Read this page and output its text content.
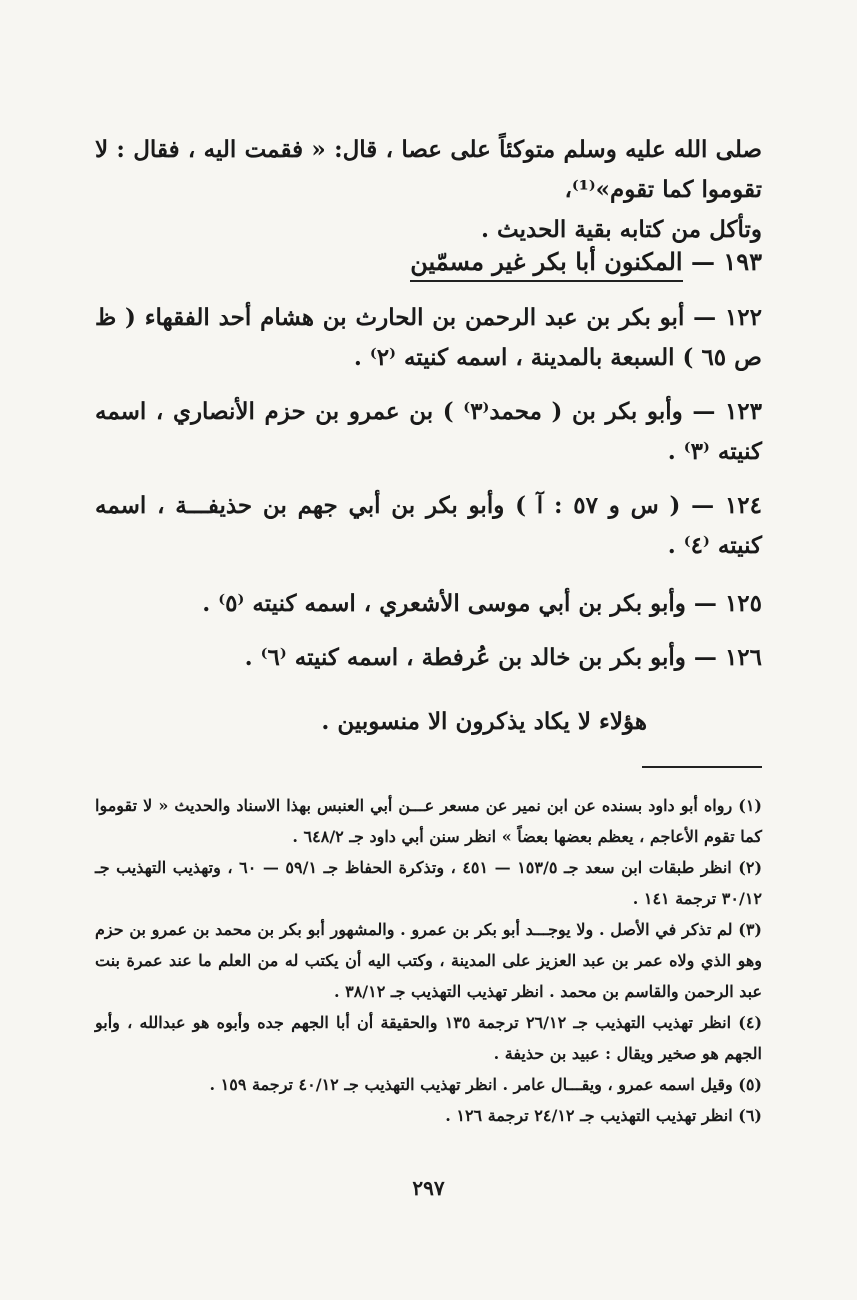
صلى الله عليه وسلم متوكئاً على عصا ، قال: « فقمت اليه ، فقال : لا تقوموا كما تقوم»⁽¹⁾،

وتأكل من كتابه بقية الحديث .

١٩٣ — المكنون أبا بكر غير مسمّين

١٢٢ — أبو بكر بن عبد الرحمن بن الحارث بن هشام أحد الفقهاء ( ظ ص ٦٥ ) السبعة بالمدينة ، اسمه كنيته ⁽٢⁾ .

١٢٣ — وأبو بكر بن ( محمد⁽٣⁾ ) بن عمرو بن حزم الأنصاري ، اسمه كنيته ⁽٣⁾ .

١٢٤ — ( س و ٥٧ : آ ) وأبو بكر بن أبي جهم بن حذيفـــة ، اسمه كنيته ⁽٤⁾ .

١٢٥ — وأبو بكر بن أبي موسى الأشعري ، اسمه كنيته ⁽٥⁾ .

١٢٦ — وأبو بكر بن خالد بن عُرفطة ، اسمه كنيته ⁽٦⁾ .

هؤلاء لا يكاد يذكرون الا منسوبين .

(١) رواه أبو داود بسنده عن ابن نمير عن مسعر عـــن أبي العنبس بهذا الاسناد والحديث « لا تقوموا كما تقوم الأعاجم ، يعظم بعضها بعضاً » انظر سنن أبي داود جـ ٦٤٨/٢ .

(٢) انظر طبقات ابن سعد جـ ١٥٣/٥ — ٤٥١ ، وتذكرة الحفاظ جـ ٥٩/١ — ٦٠ ، وتهذيب التهذيب جـ ٣٠/١٢ ترجمة ١٤١ .

(٣) لم تذكر في الأصل . ولا يوجـــد أبو بكر بن عمرو . والمشهور أبو بكر بن محمد بن عمرو بن حزم وهو الذي ولاه عمر بن عبد العزيز على المدينة ، وكتب اليه أن يكتب له من العلم ما عند عمرة بنت عبد الرحمن والقاسم بن محمد . انظر تهذيب التهذيب جـ ٣٨/١٢ .

(٤) انظر تهذيب التهذيب جـ ٢٦/١٢ ترجمة ١٣٥ والحقيقة أن أبا الجهم جده وأبوه هو عبدالله ، وأبو الجهم هو صخير ويقال : عبيد بن حذيفة .

(٥) وقيل اسمه عمرو ، ويقـــال عامر . انظر تهذيب التهذيب جـ ٤٠/١٢ ترجمة ١٥٩ .

(٦) انظر تهذيب التهذيب جـ ٢٤/١٢ ترجمة ١٢٦ .

٢٩٧
